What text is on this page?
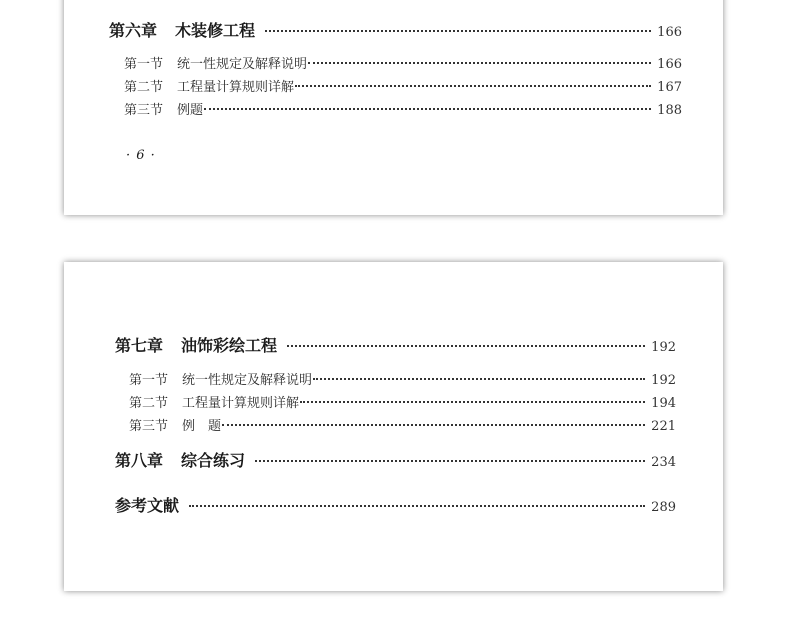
第六章 木装修工程	166
第一节 统一性规定及解释说明	166
第二节 工程量计算规则详解	167
第三节 例题	188
· 6 ·
第七章 油饰彩绘工程	192
第一节 统一性规定及解释说明	192
第二节 工程量计算规则详解	194
第三节 例　题	221
第八章 综合练习	234
参考文献	289
